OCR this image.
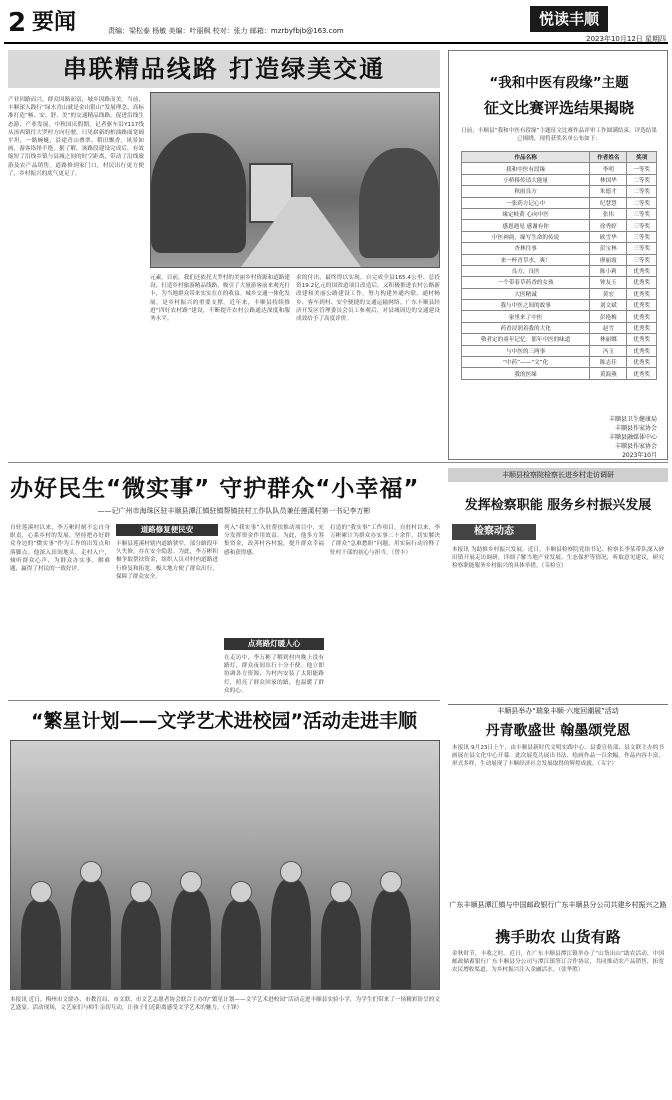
2 要闻	责编：梁松泰 杨敏 美编：叶丽枫 校对：张力 邮箱：mzrbyfbjb@163.com
悦读丰顺
2023年10月12日 星期四
串联精品线路 打造绿美交通
产业因路而兴，群众因路而富，城乡因路而美。当前，丰顺深入践行“绿水青山就是金山银山”发展理念，高标准打造“畅、安、舒、美”的交通精品线路，促进沿线生态游、产业发展。中秋国庆假期，记者驱车沿Y117线从汤西镇往大罗村方向行驶，只见崭新的柏油路面宽阔平坦，一路蜿蜒，沿途青山叠翠、稻田飘香，风景如画，游客络绎不绝。据了解，该路段建设完成后，有效缩短了沿线乡镇与县城之间的时空距离，带动了沿线旅游及农产品销售。道路修到家门口，村民出行更方便了，乡村振兴的底气更足了。
元素。目前，我们还依托大罗村的美丽乡村资源和道路建设，打造乡村旅游精品线路，吸引了大量游客前来观光打卡，为当地群众带来实实在在的收益。城乡交通一体化发展，是乡村振兴的重要支撑。近年来，丰顺县持续推进“四好农村路”建设，不断提升农村公路通达深度和服务水平。
求的付出，最终得以实现。自完成全县165.4公里、总投资19.2亿元的国省道项目改造后，又积极推进农村公路新改建和美丽公路建设工作，努力构建外通内联、通村畅乡、客车到村、安全便捷的交通运输网络。广东丰顺县经济开发区管理委员会员工参观后，对县城周边的交通建设成效给予了高度评价。
“我和中医有段缘”主题
征文比赛评选结果揭晓
日前，丰顺县“我和中医有段缘”主题征文比赛作品评审工作圆满结束，评选结果已揭晓。现将获奖名单公布如下：
作品名称	作者姓名	奖项
我和中医有段缘	李明	一等奖
小桥移传请大能量	林国华	二等奖
秋雨良方	朱德才	二等奖
一张药方记心中	纪慧慧	二等奖
缘定岐黄 心向中医	张伟	三等奖
感恩遇见 感谢有你	徐秀婷	三等奖
中医神韵，缘写生命的传说	欧雪华	三等奖
杏林往事	彭宝林	三等奖
来一杯青草水，爽！	廖丽霞	三等奖
良方，良医	陈小莉	优秀奖
一个带着草药香的女孩	钟友玉	优秀奖
大医精诚	黄宏	优秀奖
我与中医之间的故事	刘文斌	优秀奖
家里来了中医	彭艳梅	优秀奖
药香浸润着我的大化	赵雪	优秀奖
敬者定的童年记忆：那年中医的味道	林丽娜	优秀奖
与中医的三两事	冯玉	优秀奖
“中药”——“文”化	陈志佳	优秀奖
我的医缘	黄海燕	优秀奖
丰顺县卫生健康局
丰顺县作家协会
丰顺县融媒体中心
丰顺县作家协会
2023年10月
办好民生“微实事” 守护群众“小幸福”
——记广州市海珠区驻丰顺县潭江镇驻镇帮镇扶村工作队队员兼任莲溪村第一书记李万彬
自驻莲溪村以来，李万彬时刻不忘自身职责，心系乡村的发展，坚持把办好群众身边的“微实事”作为工作的出发点和落脚点。他深入田间地头、走村入户，倾听群众心声，为群众办实事、解难题，赢得了村民的一致好评。
道路修复便民安
丰顺县莲溪村辖内道路狭窄，部分路段年久失修，存在安全隐患。为此，李万彬积极争取帮扶资金，组织人员对村内道路进行修复和拓宽，极大地方便了群众出行，保障了群众安全。
列入“我实事”入驻帮扶推动项目中，充分发挥资金作用效益。为此，他多方筹集资金，改善村容村貌，提升群众幸福感和获得感。
点亮路灯暖人心
在走访中，李万彬了解到村内晚上没有路灯，群众夜间出行十分不便。他立即协调各方资源，为村内安装了太阳能路灯，照亮了群众回家的路，也温暖了群众的心。
打造的“我实事”工作项目。自驻村以来，李万彬累计为群众办实事二十余件，切实解决了群众“急难愁盼”问题，用实际行动诠释了驻村干部的初心与担当。（曾丰）
丰顺县检察院检察长进乡村走访调研
发挥检察职能 服务乡村振兴发展
检察动态
本报讯 为助推乡村振兴发展，近日，丰顺县检察院党组书记、检察长李某带队深入砂田镇开展走访调研，详细了解当地产业发展、生态保护等情况，听取意见建议，研究检察职能服务乡村振兴的具体举措。（韦检宣）
丰顺县举办“瑞象丰顺·六度回潮展”活动
丹青歌盛世 翰墨颂党恩
本报讯 9月23日上午，由丰顺县新时代文明实践中心、县委宣传部、县文联主办的书画展在县文化中心开幕。此次展览共展出书法、绘画作品一百余幅，作品内容丰富、形式多样，生动展现了丰顺经济社会发展取得的辉煌成就。（韦宇）
“繁星计划——文学艺术进校园”活动走进丰顺
本报讯 近日，梅州市文联办、市教育局、市文联、市文艺志愿者协会联合主办的“繁星计划——文学艺术进校园”活动走进丰顺县实验小学，为学生们带来了一场精彩纷呈的文艺盛宴。活动现场，文艺家们与师生亲切互动，让孩子们近距离感受文学艺术的魅力。（王锋）
广东丰顺县潭江镇与中国邮政银行广东丰顺县分公司共建乡村振兴之路
携手助农 山货有路
金秋时节，丰收之时。近日，在广东丰顺县潭江镇举办了“山货出山”助农活动，中国邮政储蓄银行广东丰顺县分公司与潭江镇签订合作协议，共同推动农产品销售，拓宽农民增收渠道，为乡村振兴注入金融活水。（张华胜）
